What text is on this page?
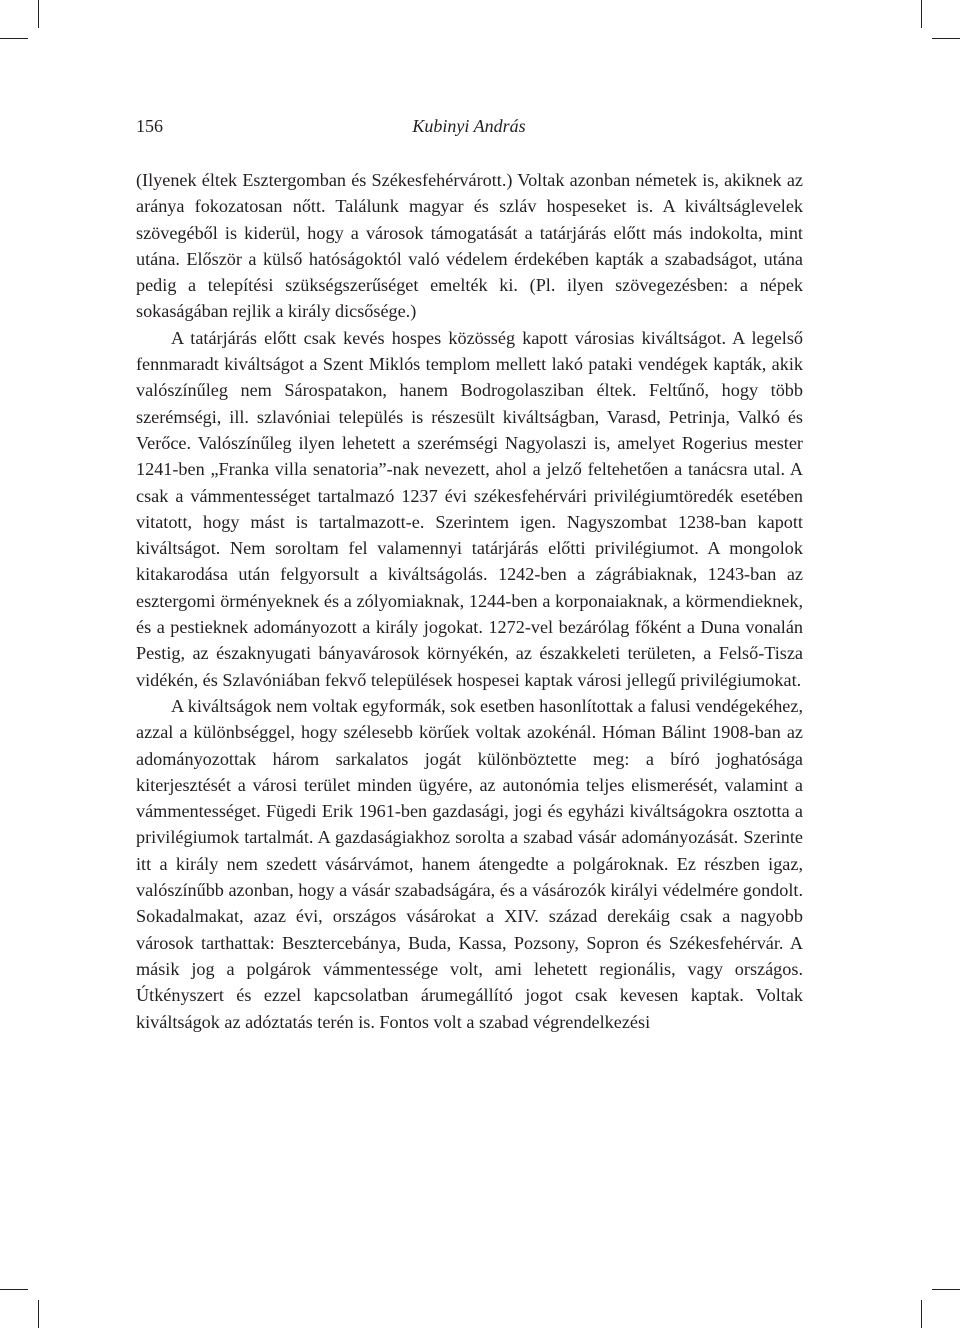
156	Kubinyi András

(Ilyenek éltek Esztergomban és Székesfehérvárott.) Voltak azonban németek is, akiknek az aránya fokozatosan nőtt. Találunk magyar és szláv hospeseket is. A kiváltságlevelek szövegéből is kiderül, hogy a városok támogatását a tatárjárás előtt más indokolta, mint utána. Először a külső hatóságoktól való védelem érdekében kapták a szabadságot, utána pedig a telepítési szükségszerűséget emelték ki. (Pl. ilyen szövegezésben: a népek sokaságában rejlik a király dicsősége.)

A tatárjárás előtt csak kevés hospes közösség kapott városias kiváltságot. A legelső fennmaradt kiváltságot a Szent Miklós templom mellett lakó pataki vendégek kapták, akik valószínűleg nem Sárospatakon, hanem Bodrogolasziban éltek. Feltűnő, hogy több szerémségi, ill. szlavóniai település is részesült kiváltságban, Varasd, Petrinja, Valkó és Verőce. Valószínűleg ilyen lehetett a szerémségi Nagyolaszi is, amelyet Rogerius mester 1241-ben „Franka villa senatoria”-nak nevezett, ahol a jelző feltehetően a tanácsra utal. A csak a vámmentességet tartalmazó 1237 évi székesfehérvári privilégiumtöredék esetében vitatott, hogy mást is tartalmazott-e. Szerintem igen. Nagyszombat 1238-ban kapott kiváltságot. Nem soroltam fel valamennyi tatárjárás előtti privilégiumot. A mongolok kitakarodása után felgyorsult a kiváltságolás. 1242-ben a zágrábiaknak, 1243-ban az esztergomi örményeknek és a zólyomiaknak, 1244-ben a korponaiaknak, a körmendieknek, és a pestieknek adományozott a király jogokat. 1272-vel bezárólag főként a Duna vonalán Pestig, az északnyugati bányavárosok környékén, az északkeleti területen, a Felső-Tisza vidékén, és Szlavóniában fekvő települések hospesei kaptak városi jellegű privilégiumokat.

A kiváltságok nem voltak egyformák, sok esetben hasonlítottak a falusi vendégekéhez, azzal a különbséggel, hogy szélesebb körűek voltak azokénál. Hóman Bálint 1908-ban az adományozottak három sarkalatos jogát különböztette meg: a bíró joghatósága kiterjesztését a városi terület minden ügyére, az autonómia teljes elismerését, valamint a vámmentességet. Fügedi Erik 1961-ben gazdasági, jogi és egyházi kiváltságokra osztotta a privilégiumok tartalmát. A gazdaságiakhoz sorolta a szabad vásár adományozását. Szerinte itt a király nem szedett vásárvámot, hanem átengedte a polgároknak. Ez részben igaz, valószínűbb azonban, hogy a vásár szabadságára, és a vásározók királyi védelmére gondolt. Sokadalmakat, azaz évi, országos vásárokat a XIV. század derekáig csak a nagyobb városok tarthattak: Besztercebánya, Buda, Kassa, Pozsony, Sopron és Székesfehérvár. A másik jog a polgárok vámmentessége volt, ami lehetett regionális, vagy országos. Útkényszert és ezzel kapcsolatban árumegállító jogot csak kevesen kaptak. Voltak kiváltságok az adóztatás terén is. Fontos volt a szabad végrendelkezési
